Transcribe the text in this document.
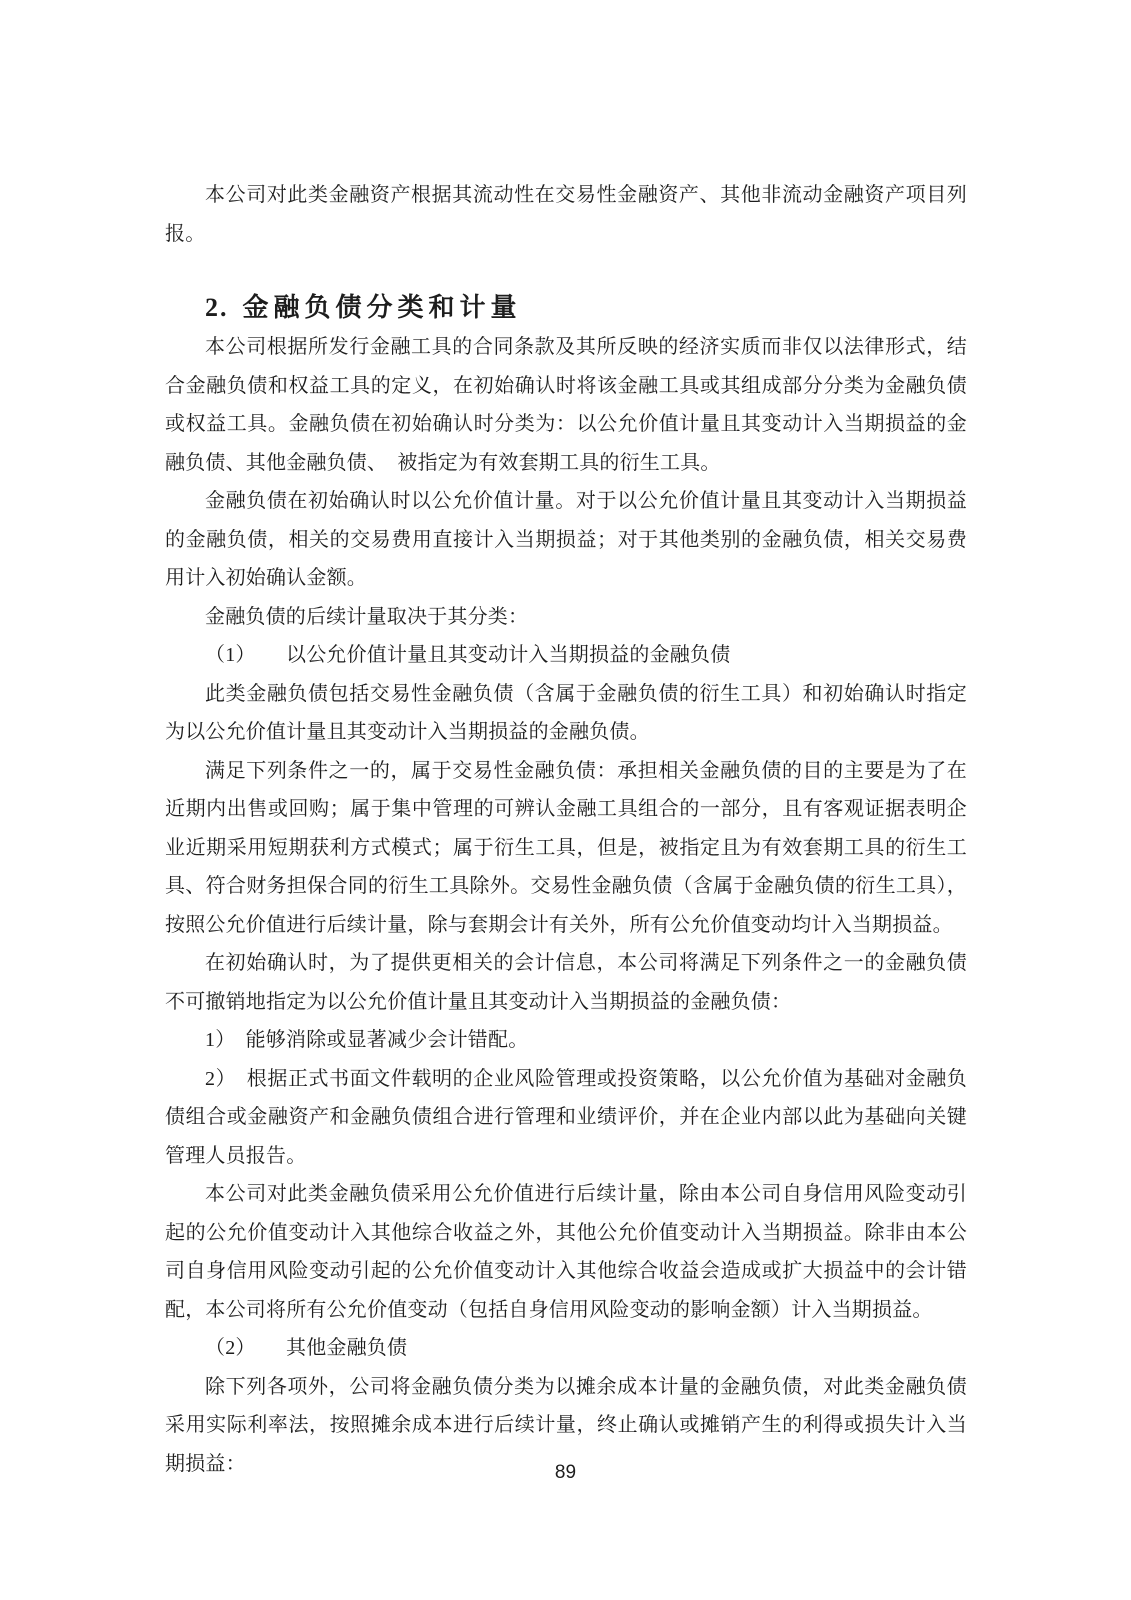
本公司对此类金融资产根据其流动性在交易性金融资产、其他非流动金融资产项目列报。

2. 金融负债分类和计量

本公司根据所发行金融工具的合同条款及其所反映的经济实质而非仅以法律形式，结合金融负债和权益工具的定义，在初始确认时将该金融工具或其组成部分分类为金融负债或权益工具。金融负债在初始确认时分类为：以公允价值计量且其变动计入当期损益的金融负债、其他金融负债、　被指定为有效套期工具的衍生工具。

金融负债在初始确认时以公允价值计量。对于以公允价值计量且其变动计入当期损益的金融负债，相关的交易费用直接计入当期损益；对于其他类别的金融负债，相关交易费用计入初始确认金额。

金融负债的后续计量取决于其分类：

（1）　　以公允价值计量且其变动计入当期损益的金融负债

此类金融负债包括交易性金融负债（含属于金融负债的衍生工具）和初始确认时指定为以公允价值计量且其变动计入当期损益的金融负债。

满足下列条件之一的，属于交易性金融负债：承担相关金融负债的目的主要是为了在近期内出售或回购；属于集中管理的可辨认金融工具组合的一部分，且有客观证据表明企业近期采用短期获利方式模式；属于衍生工具，但是，被指定且为有效套期工具的衍生工具、符合财务担保合同的衍生工具除外。交易性金融负债（含属于金融负债的衍生工具），按照公允价值进行后续计量，除与套期会计有关外，所有公允价值变动均计入当期损益。

在初始确认时，为了提供更相关的会计信息，本公司将满足下列条件之一的金融负债不可撤销地指定为以公允价值计量且其变动计入当期损益的金融负债：

1）　能够消除或显著减少会计错配。

2）　根据正式书面文件载明的企业风险管理或投资策略，以公允价值为基础对金融负债组合或金融资产和金融负债组合进行管理和业绩评价，并在企业内部以此为基础向关键管理人员报告。

本公司对此类金融负债采用公允价值进行后续计量，除由本公司自身信用风险变动引起的公允价值变动计入其他综合收益之外，其他公允价值变动计入当期损益。除非由本公司自身信用风险变动引起的公允价值变动计入其他综合收益会造成或扩大损益中的会计错配，本公司将所有公允价值变动（包括自身信用风险变动的影响金额）计入当期损益。

（2）　　其他金融负债

除下列各项外，公司将金融负债分类为以摊余成本计量的金融负债，对此类金融负债采用实际利率法，按照摊余成本进行后续计量，终止确认或摊销产生的利得或损失计入当期损益：	89
